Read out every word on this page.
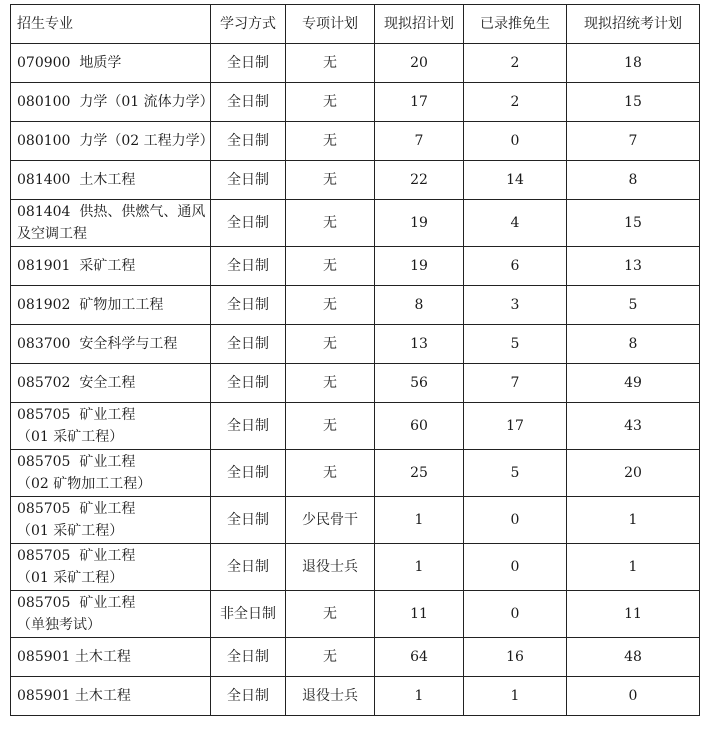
招生专业	学习方式	专项计划	现拟招计划	已录推免生	现拟招统考计划

070900  地质学	全日制	无	20	2	18

080100  力学（01 流体力学）	全日制	无	17	2	15

080100  力学（02 工程力学）	全日制	无	7	0	7

081400  土木工程	全日制	无	22	14	8

081404  供热、供燃气、通风
及空调工程	全日制	无	19	4	15

081901  采矿工程	全日制	无	19	6	13

081902  矿物加工工程	全日制	无	8	3	5

083700  安全科学与工程	全日制	无	13	5	8

085702  安全工程	全日制	无	56	7	49

085705  矿业工程
（01 采矿工程）	全日制	无	60	17	43

085705  矿业工程
（02 矿物加工工程）	全日制	无	25	5	20

085705  矿业工程
（01 采矿工程）	全日制	少民骨干	1	0	1

085705  矿业工程
（01 采矿工程）	全日制	退役士兵	1	0	1

085705  矿业工程
（单独考试）	非全日制	无	11	0	11

085901 土木工程	全日制	无	64	16	48

085901 土木工程	全日制	退役士兵	1	1	0
